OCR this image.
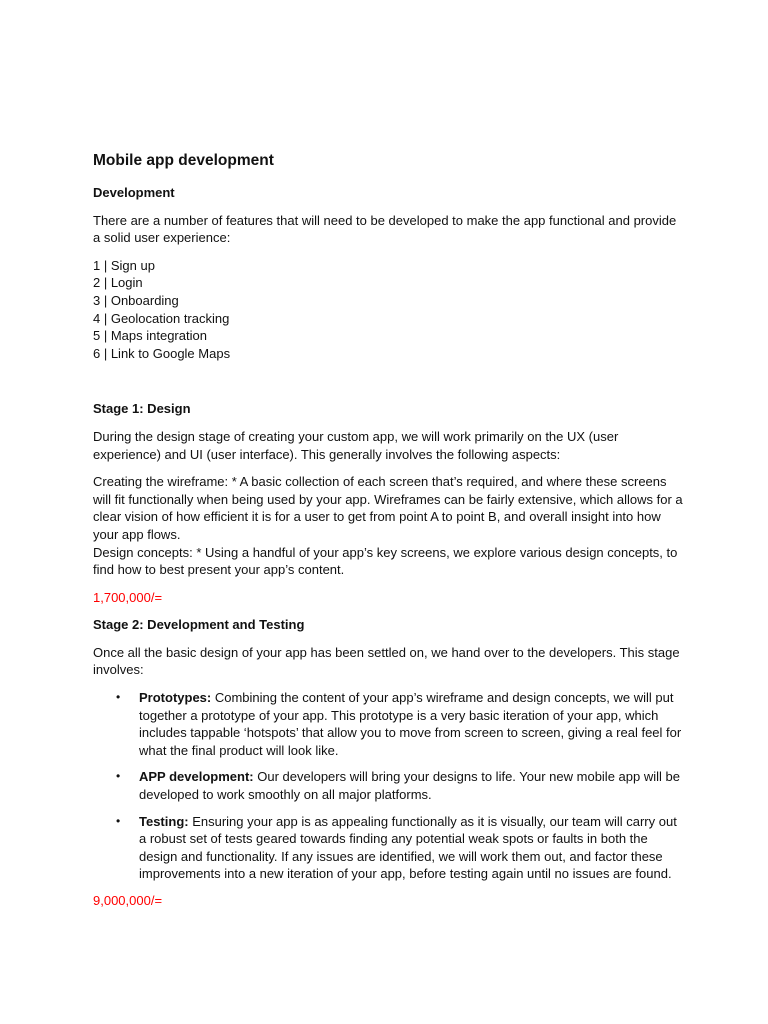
Mobile app development
Development

There are a number of features that will need to be developed to make the app functional and provide a solid user experience:

1 | Sign up
2 | Login
3 | Onboarding
4 | Geolocation tracking
5 | Maps integration
6 | Link to Google Maps
Stage 1: Design

During the design stage of creating your custom app, we will work primarily on the UX (user experience) and UI (user interface). This generally involves the following aspects:

Creating the wireframe: * A basic collection of each screen that’s required, and where these screens will fit functionally when being used by your app. Wireframes can be fairly extensive, which allows for a clear vision of how efficient it is for a user to get from point A to point B, and overall insight into how your app flows.

Design concepts: * Using a handful of your app’s key screens, we explore various design concepts, to find how to best present your app’s content.

1,700,000/=
Stage 2: Development and Testing

Once all the basic design of your app has been settled on, we hand over to the developers. This stage involves:

• Prototypes: Combining the content of your app’s wireframe and design concepts, we will put together a prototype of your app. This prototype is a very basic iteration of your app, which includes tappable ‘hotspots’ that allow you to move from screen to screen, giving a real feel for what the final product will look like.
• APP development: Our developers will bring your designs to life. Your new mobile app will be developed to work smoothly on all major platforms.
• Testing: Ensuring your app is as appealing functionally as it is visually, our team will carry out a robust set of tests geared towards finding any potential weak spots or faults in both the design and functionality. If any issues are identified, we will work them out, and factor these improvements into a new iteration of your app, before testing again until no issues are found.
9,000,000/=
